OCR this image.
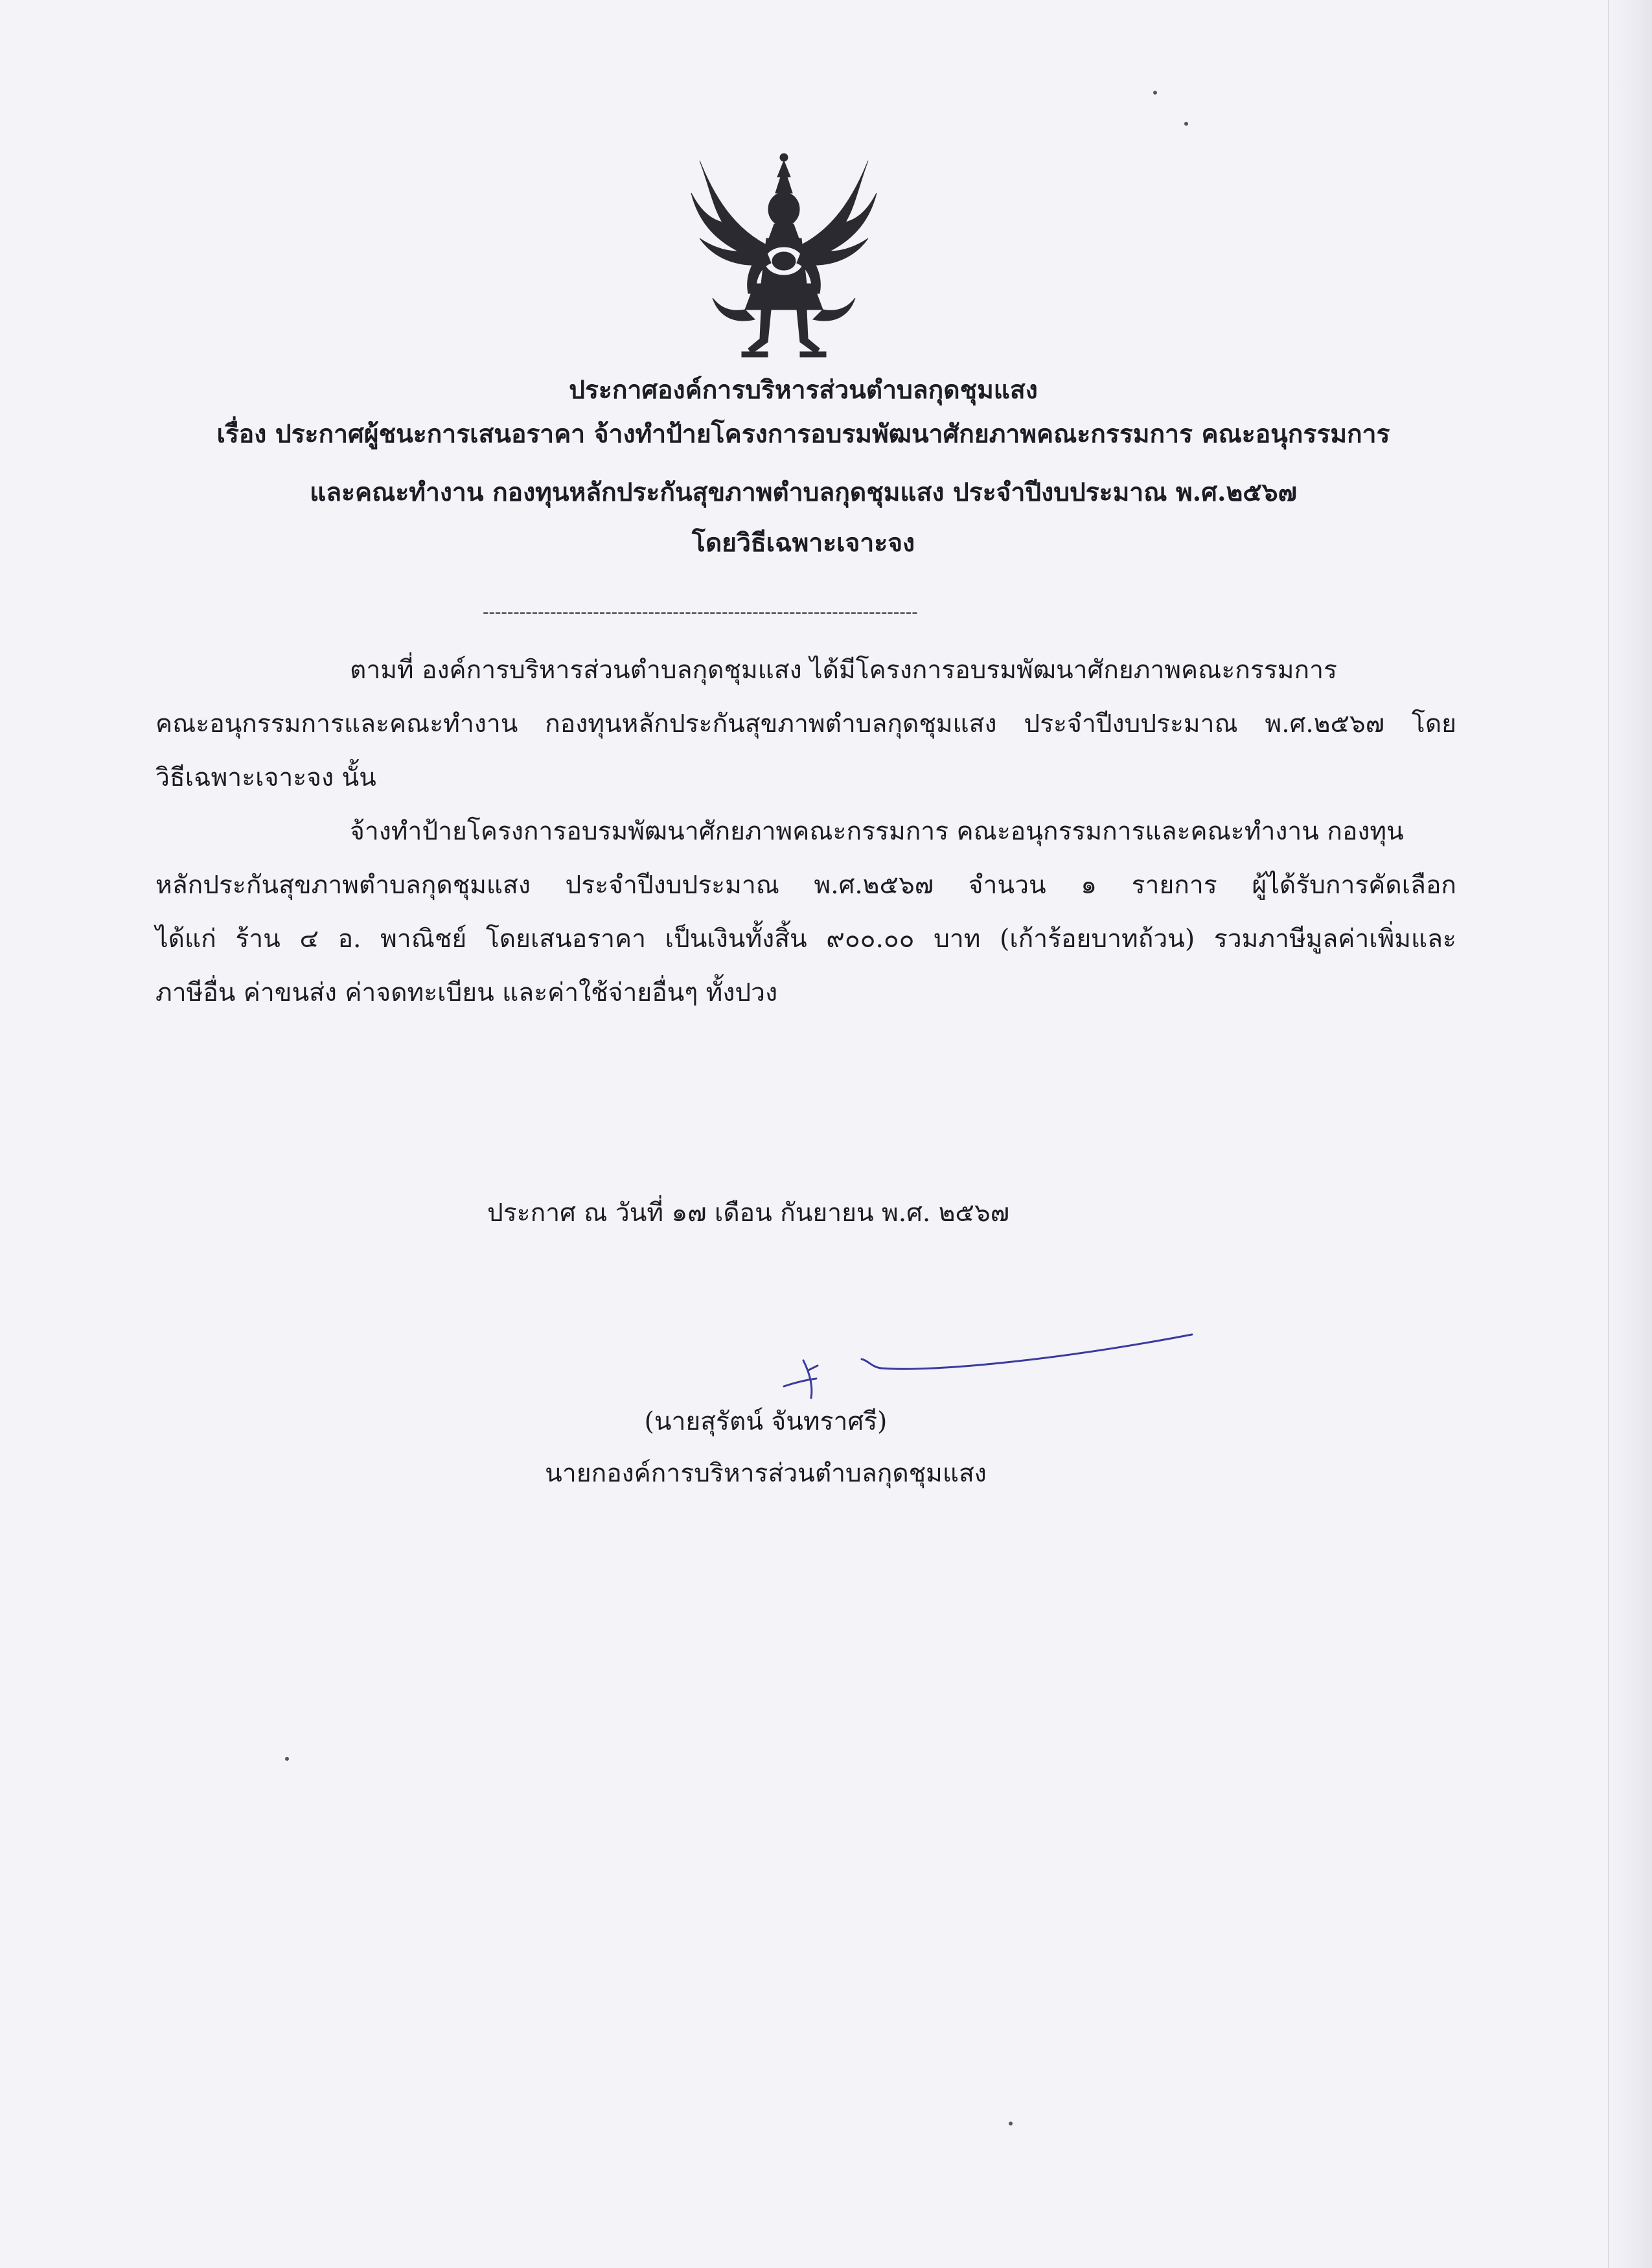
ประกาศองค์การบริหารส่วนตำบลกุดชุมแสง
เรื่อง ประกาศผู้ชนะการเสนอราคา จ้างทำป้ายโครงการอบรมพัฒนาศักยภาพคณะกรรมการ คณะอนุกรรมการ
และคณะทำงาน กองทุนหลักประกันสุขภาพตำบลกุดชุมแสง ประจำปีงบประมาณ พ.ศ.๒๕๖๗
โดยวิธีเฉพาะเจาะจง
-----------------------------------------------------------------------
ตามที่ องค์การบริหารส่วนตำบลกุดชุมแสง ได้มีโครงการอบรมพัฒนาศักยภาพคณะกรรมการ
คณะอนุกรรมการและคณะทำงาน กองทุนหลักประกันสุขภาพตำบลกุดชุมแสง ประจำปีงบประมาณ พ.ศ.๒๕๖๗ โดย
วิธีเฉพาะเจาะจง นั้น
จ้างทำป้ายโครงการอบรมพัฒนาศักยภาพคณะกรรมการ คณะอนุกรรมการและคณะทำงาน กองทุน
หลักประกันสุขภาพตำบลกุดชุมแสง ประจำปีงบประมาณ พ.ศ.๒๕๖๗ จำนวน ๑ รายการ ผู้ได้รับการคัดเลือก
ได้แก่ ร้าน ๔ อ. พาณิชย์ โดยเสนอราคา เป็นเงินทั้งสิ้น ๙๐๐.๐๐ บาท (เก้าร้อยบาทถ้วน) รวมภาษีมูลค่าเพิ่มและ
ภาษีอื่น ค่าขนส่ง ค่าจดทะเบียน และค่าใช้จ่ายอื่นๆ ทั้งปวง
ประกาศ ณ วันที่ ๑๗ เดือน กันยายน พ.ศ. ๒๕๖๗
(นายสุรัตน์ จันทราศรี)
นายกองค์การบริหารส่วนตำบลกุดชุมแสง
